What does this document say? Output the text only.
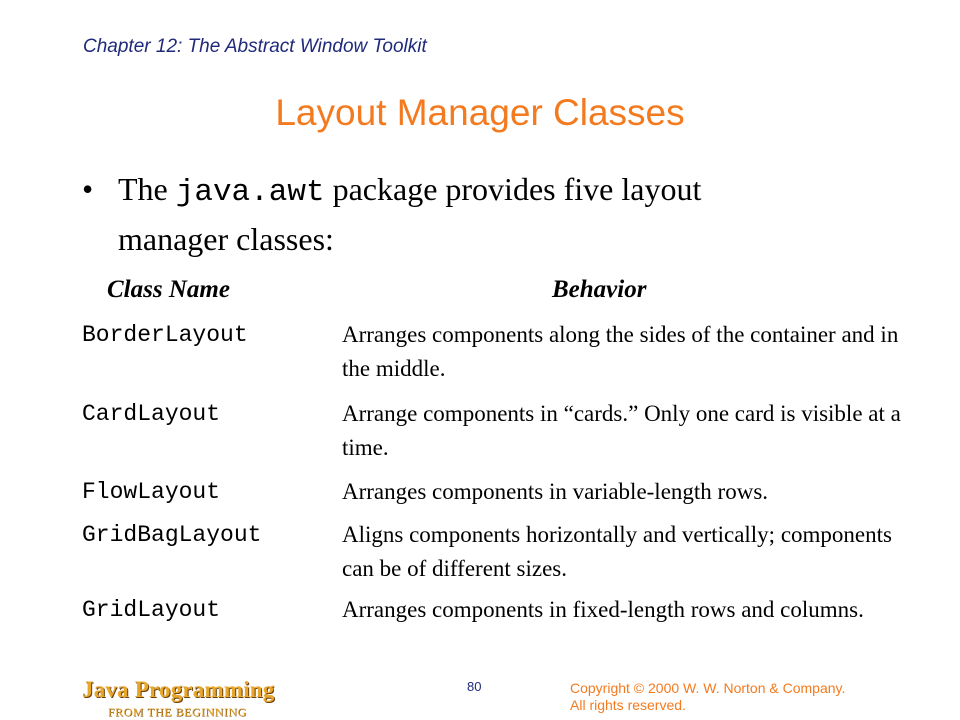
Chapter 12: The Abstract Window Toolkit
Layout Manager Classes
• The java.awt package provides five layout manager classes:
Class Name	Behavior
BorderLayout	Arranges components along the sides of the container and in the middle.
CardLayout	Arrange components in “cards.” Only one card is visible at a time.
FlowLayout	Arranges components in variable-length rows.
GridBagLayout	Aligns components horizontally and vertically; components can be of different sizes.
GridLayout	Arranges components in fixed-length rows and columns.
Java Programming
FROM THE BEGINNING
80	Copyright © 2000 W. W. Norton & Company.
All rights reserved.
